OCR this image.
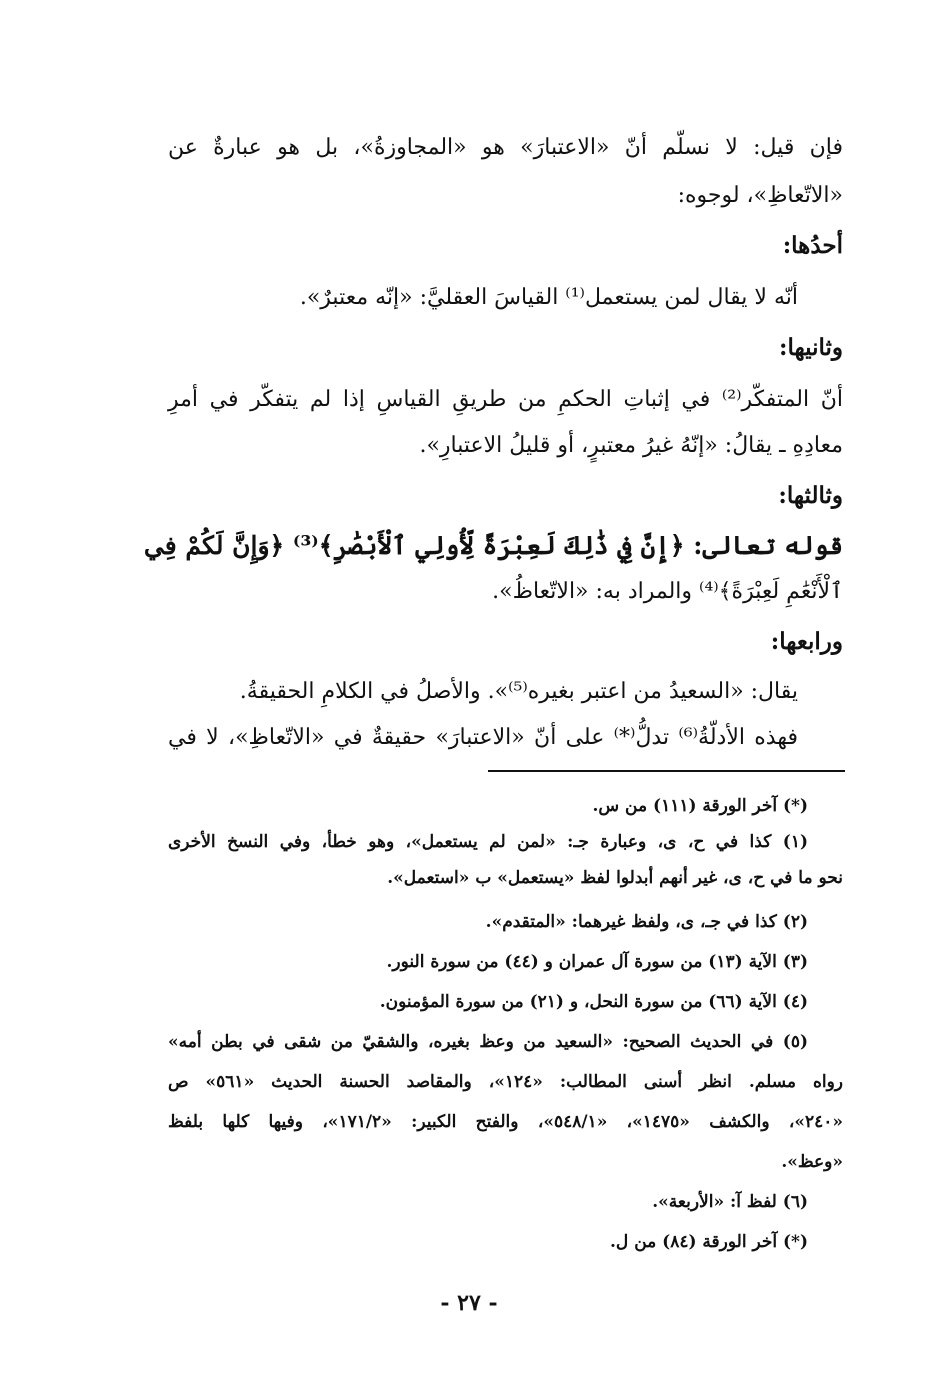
فإن قيل: لا نسلّم أنّ «الاعتبارَ» هو «المجاوزةُ»، بل هو عبارةٌ عن
«الاتّعاظِ»، لوجوه:
أحدُها:
أنّه لا يقال لمن يستعمل⁽¹⁾ القياسَ العقليَّ: «إنّه معتبرٌ».
وثانيها:
أنّ المتفكّر⁽²⁾ في إثباتِ الحكمِ من طريقِ القياسِ إذا لم يتفكّر في أمرِ
معادِهِ ـ يقالُ: «إنّهُ غيرُ معتبرٍ، أو قليلُ الاعتبارِ».
وثالثها:
قوله تعالى: ﴿إِنَّ فِي ذَٰلِكَ لَعِبْرَةً لِّأُولِي ٱلْأَبْصَٰرِ﴾⁽³⁾ ﴿وَإِنَّ لَكُمْ فِي
ٱلْأَنْعَٰمِ لَعِبْرَةً﴾⁽⁴⁾ والمراد به: «الاتّعاظُ».
ورابعها:
يقال: «السعيدُ من اعتبر بغيره⁽⁵⁾». والأصلُ في الكلامِ الحقيقةُ.
فهذه الأدلّةُ⁽⁶⁾ تدلُّ⁽*⁾ على أنّ «الاعتبارَ» حقيقةٌ في «الاتّعاظِ»، لا في
(*) آخر الورقة (١١١) من س.
(١) كذا في ح، ى، وعبارة جـ: «لمن لم يستعمل»، وهو خطأ، وفي النسخ الأخرى
نحو ما في ح، ى، غير أنهم أبدلوا لفظ «يستعمل» ب «استعمل».
(٢) كذا في جـ، ى، ولفظ غيرهما: «المتقدم».
(٣) الآية (١٣) من سورة آل عمران و (٤٤) من سورة النور.
(٤) الآية (٦٦) من سورة النحل، و (٢١) من سورة المؤمنون.
(٥) في الحديث الصحيح: «السعيد من وعظ بغيره، والشقيّ من شقى في بطن أمه»
رواه مسلم. انظر أسنى المطالب: «١٢٤»، والمقاصد الحسنة الحديث «٥٦١» ص
«٢٤٠»، والكشف «١٤٧٥»، «٥٤٨/١»، والفتح الكبير: «١٧١/٢»، وفيها كلها بلفظ
«وعظ».
(٦) لفظ آ: «الأربعة».
(*) آخر الورقة (٨٤) من ل.
- ٢٧ -
